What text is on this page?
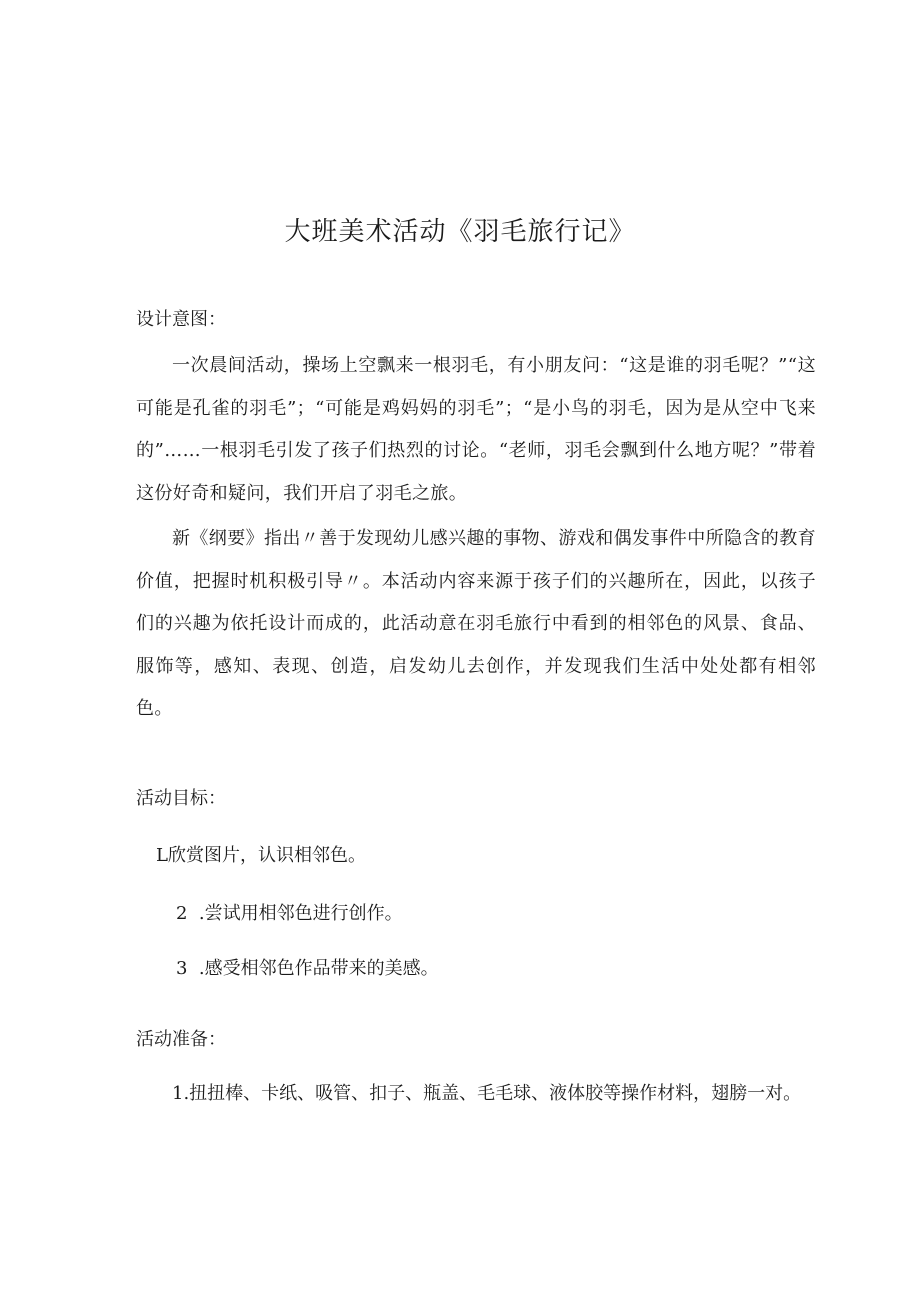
大班美术活动《羽毛旅行记》
设计意图：

一次晨间活动，操场上空飘来一根羽毛，有小朋友问：“这是谁的羽毛呢？”“这可能是孔雀的羽毛”；“可能是鸡妈妈的羽毛”；“是小鸟的羽毛，因为是从空中飞来的”……一根羽毛引发了孩子们热烈的讨论。“老师，羽毛会飘到什么地方呢？”带着这份好奇和疑问，我们开启了羽毛之旅。

新《纲要》指出〃善于发现幼儿感兴趣的事物、游戏和偶发事件中所隐含的教育价值，把握时机积极引导〃。本活动内容来源于孩子们的兴趣所在，因此，以孩子们的兴趣为依托设计而成的，此活动意在羽毛旅行中看到的相邻色的风景、食品、服饰等，感知、表现、创造，启发幼儿去创作，并发现我们生活中处处都有相邻色。

活动目标：
L欣赏图片，认识相邻色。
2  .尝试用相邻色进行创作。
3  .感受相邻色作品带来的美感。
活动准备：

1.扭扭棒、卡纸、吸管、扣子、瓶盖、毛毛球、液体胶等操作材料，翅膀一对。
